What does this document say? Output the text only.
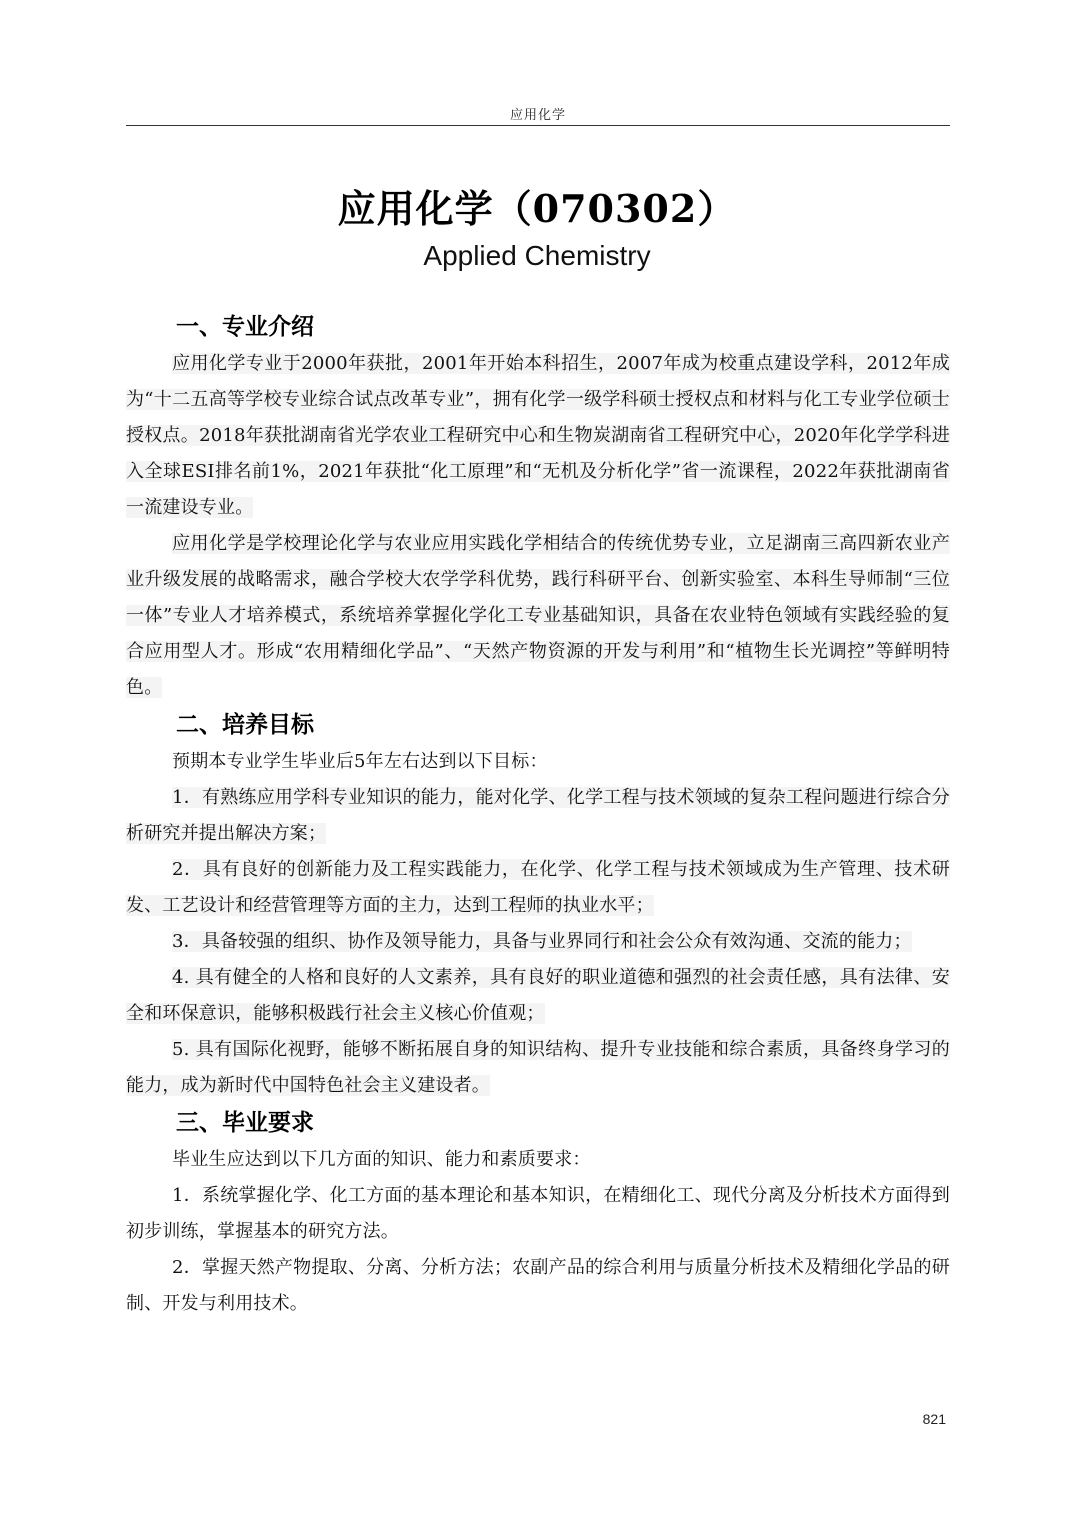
应用化学
应用化学（070302）
Applied Chemistry
一、专业介绍

应用化学专业于2000年获批，2001年开始本科招生，2007年成为校重点建设学科，2012年成为“十二五高等学校专业综合试点改革专业”，拥有化学一级学科硕士授权点和材料与化工专业学位硕士授权点。2018年获批湖南省光学农业工程研究中心和生物炭湖南省工程研究中心，2020年化学学科进入全球ESI排名前1%，2021年获批“化工原理”和“无机及分析化学”省一流课程，2022年获批湖南省一流建设专业。

应用化学是学校理论化学与农业应用实践化学相结合的传统优势专业，立足湖南三高四新农业产业升级发展的战略需求，融合学校大农学学科优势，践行科研平台、创新实验室、本科生导师制“三位一体”专业人才培养模式，系统培养掌握化学化工专业基础知识，具备在农业特色领域有实践经验的复合应用型人才。形成“农用精细化学品”、“天然产物资源的开发与利用”和“植物生长光调控”等鲜明特色。

二、培养目标

预期本专业学生毕业后5年左右达到以下目标：

1．有熟练应用学科专业知识的能力，能对化学、化学工程与技术领域的复杂工程问题进行综合分析研究并提出解决方案；

2．具有良好的创新能力及工程实践能力，在化学、化学工程与技术领域成为生产管理、技术研发、工艺设计和经营管理等方面的主力，达到工程师的执业水平；

3．具备较强的组织、协作及领导能力，具备与业界同行和社会公众有效沟通、交流的能力；

4. 具有健全的人格和良好的人文素养，具有良好的职业道德和强烈的社会责任感，具有法律、安全和环保意识，能够积极践行社会主义核心价值观；

5. 具有国际化视野，能够不断拓展自身的知识结构、提升专业技能和综合素质，具备终身学习的能力，成为新时代中国特色社会主义建设者。

三、毕业要求

毕业生应达到以下几方面的知识、能力和素质要求：

1．系统掌握化学、化工方面的基本理论和基本知识，在精细化工、现代分离及分析技术方面得到初步训练，掌握基本的研究方法。

2．掌握天然产物提取、分离、分析方法；农副产品的综合利用与质量分析技术及精细化学品的研制、开发与利用技术。

821
